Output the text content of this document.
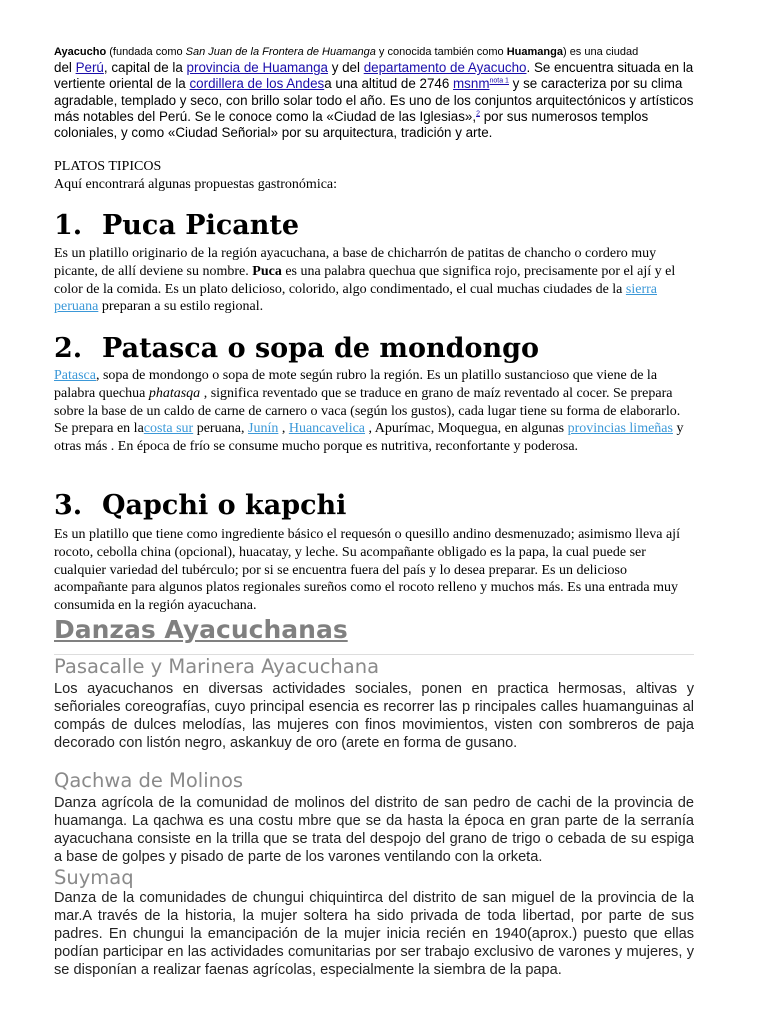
Ayacucho (fundada como San Juan de la Frontera de Huamanga y conocida también como Huamanga) es una ciudad
del Perú, capital de la provincia de Huamanga y del departamento de Ayacucho. Se encuentra situada en la vertiente oriental de la cordillera de los Andesa una altitud de 2746 msnm$^{nota 1}$ y se caracteriza por su clima agradable, templado y seco, con brillo solar todo el año. Es uno de los conjuntos arquitectónicos y artísticos más notables del Perú. Se le conoce como la «Ciudad de las Iglesias»,$^2$ por sus numerosos templos coloniales, y como «Ciudad Señorial» por su arquitectura, tradición y arte.
PLATOS TIPICOS
Aquí encontrará algunas propuestas gastronómica:
1. Puca Picante
Es un platillo originario de la región ayacuchana, a base de chicharrón de patitas de chancho o cordero muy picante, de allí deviene su nombre. Puca es una palabra quechua que significa rojo, precisamente por el ají y el color de la comida. Es un plato delicioso, colorido, algo condimentado, el cual muchas ciudades de la sierra peruana preparan a su estilo regional.
2. Patasca o sopa de mondongo
Patasca, sopa de mondongo o sopa de mote según rubro la región. Es un platillo sustancioso que viene de la palabra quechua phatasqa , significa reventado que se traduce en grano de maíz reventado al cocer. Se prepara sobre la base de un caldo de carne de carnero o vaca (según los gustos), cada lugar tiene su forma de elaborarlo. Se prepara en lacosta sur peruana, Junín , Huancavelica , Apurímac, Moquegua, en algunas provincias limeñas y otras más . En época de frío se consume mucho porque es nutritiva, reconfortante y poderosa.
3. Qapchi o kapchi
Es un platillo que tiene como ingrediente básico el requesón o quesillo andino desmenuzado; asimismo lleva ají rocoto, cebolla china (opcional), huacatay, y leche. Su acompañante obligado es la papa, la cual puede ser cualquier variedad del tubérculo; por si se encuentra fuera del país y lo desea preparar. Es un delicioso acompañante para algunos platos regionales sureños como el rocoto relleno y muchos más. Es una entrada muy consumida en la región ayacuchana.
Danzas Ayacuchanas
Pasacalle y Marinera Ayacuchana
Los ayacuchanos en diversas actividades sociales, ponen en practica hermosas, altivas y señoriales coreografías, cuyo principal esencia es recorrer las p rincipales calles huamanguinas al compás de dulces melodías, las mujeres con finos movimientos, visten con sombreros de paja decorado con listón negro, askankuy de oro (arete en forma de gusano.
Qachwa de Molinos
Danza agrícola de la comunidad de molinos del distrito de san pedro de cachi de la provincia de huamanga. La qachwa es una costu mbre que se da hasta la época en gran parte de la serranía ayacuchana consiste en la trilla que se trata del despojo del grano de trigo o cebada de su espiga a base de golpes y pisado de parte de los varones ventilando con la orketa.
Suymaq
Danza de la comunidades de chungui chiquintirca del distrito de san miguel de la provincia de la mar.A través de la historia, la mujer soltera ha sido privada de toda libertad, por parte de sus padres. En chungui la emancipación de la mujer inicia recién en 1940(aprox.) puesto que ellas podían participar en las actividades comunitarias por ser trabajo exclusivo de varones y mujeres, y se disponían a realizar faenas agrícolas, especialmente la siembra de la papa.
